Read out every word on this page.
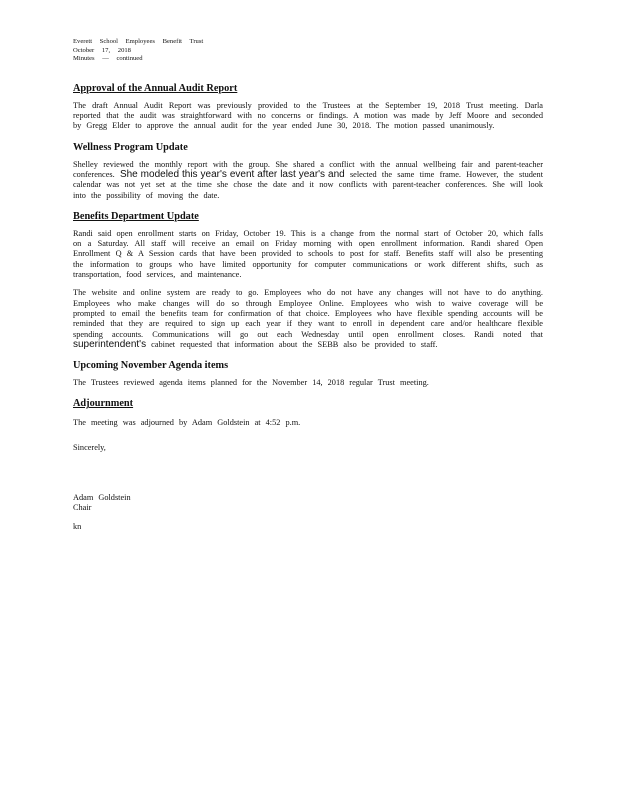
Everett School Employees Benefit Trust
October 17, 2018
Minutes — continued
Approval of the Annual Audit Report

The draft Annual Audit Report was previously provided to the Trustees at the September 19, 2018 Trust meeting. Darla reported that the audit was straightforward with no concerns or findings. A motion was made by Jeff Moore and seconded by Gregg Elder to approve the annual audit for the year ended June 30, 2018. The motion passed unanimously.

Wellness Program Update

Shelley reviewed the monthly report with the group. She shared a conflict with the annual wellbeing fair and parent-teacher conferences. She modeled this year's event after last year's and selected the same time frame. However, the student calendar was not yet set at the time she chose the date and it now conflicts with parent-teacher conferences. She will look into the possibility of moving the date.

Benefits Department Update

Randi said open enrollment starts on Friday, October 19. This is a change from the normal start of October 20, which falls on a Saturday. All staff will receive an email on Friday morning with open enrollment information. Randi shared Open Enrollment Q & A Session cards that have been provided to schools to post for staff. Benefits staff will also be presenting the information to groups who have limited opportunity for computer communications or work different shifts, such as transportation, food services, and maintenance.

The website and online system are ready to go. Employees who do not have any changes will not have to do anything. Employees who make changes will do so through Employee Online. Employees who wish to waive coverage will be prompted to email the benefits team for confirmation of that choice. Employees who have flexible spending accounts will be reminded that they are required to sign up each year if they want to enroll in dependent care and/or healthcare flexible spending accounts. Communications will go out each Wednesday until open enrollment closes. Randi noted that superintendent's cabinet requested that information about the SEBB also be provided to staff.

Upcoming November Agenda items

The Trustees reviewed agenda items planned for the November 14, 2018 regular Trust meeting.

Adjournment

The meeting was adjourned by Adam Goldstein at 4:52 p.m.

Sincerely,
Adam Goldstein
Chair
kn
